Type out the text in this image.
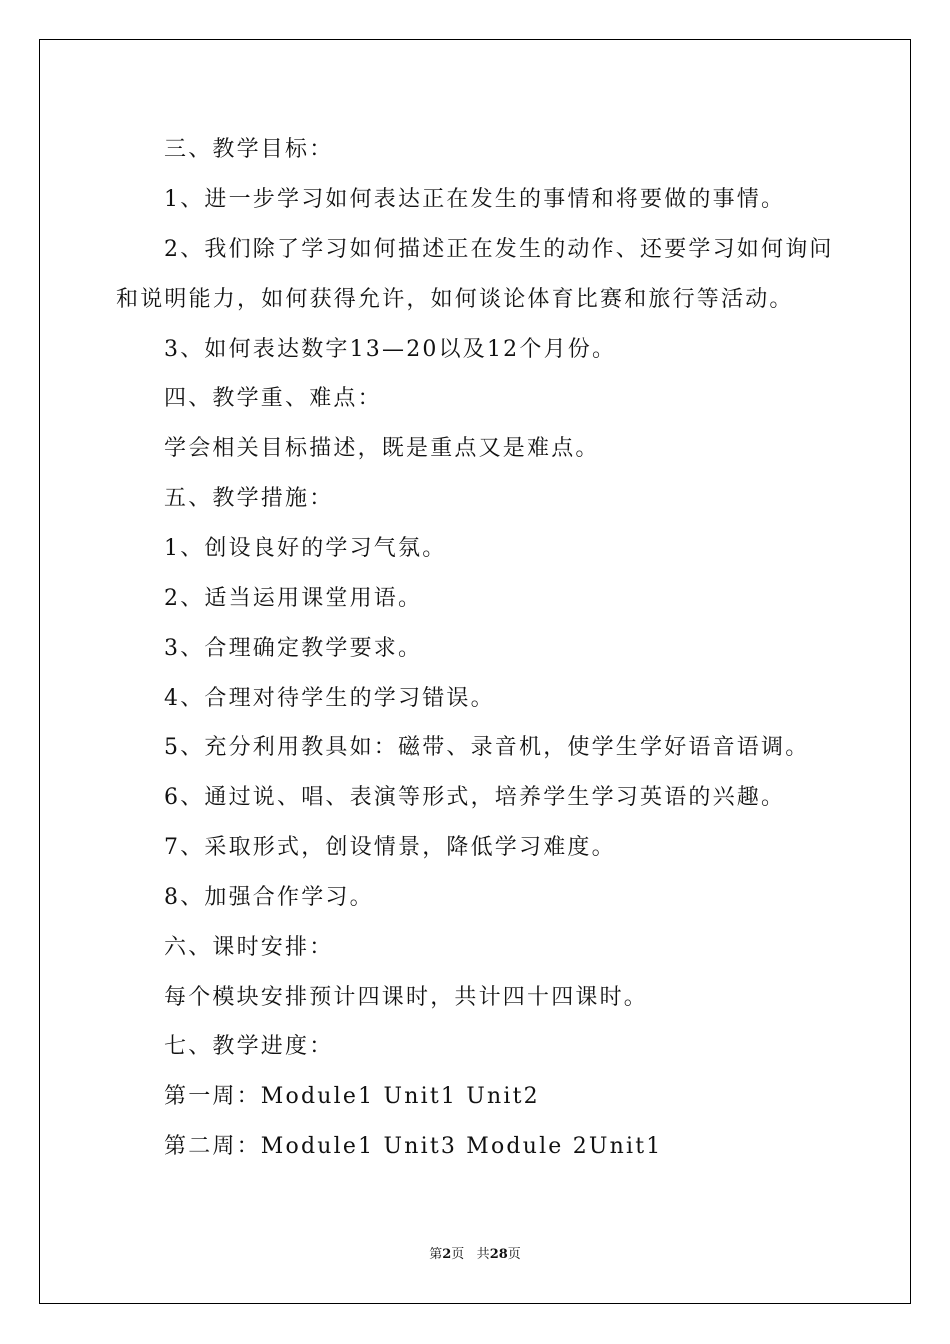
三、教学目标：
1、进一步学习如何表达正在发生的事情和将要做的事情。
2、我们除了学习如何描述正在发生的动作、还要学习如何询问
和说明能力，如何获得允许，如何谈论体育比赛和旅行等活动。
3、如何表达数字13—20以及12个月份。
四、教学重、难点：
学会相关目标描述，既是重点又是难点。
五、教学措施：
1、创设良好的学习气氛。
2、适当运用课堂用语。
3、合理确定教学要求。
4、合理对待学生的学习错误。
5、充分利用教具如：磁带、录音机，使学生学好语音语调。
6、通过说、唱、表演等形式，培养学生学习英语的兴趣。
7、采取形式，创设情景，降低学习难度。
8、加强合作学习。
六、课时安排：
每个模块安排预计四课时，共计四十四课时。
七、教学进度：
第一周：Module1 Unit1 Unit2
第二周：Module1 Unit3 Module 2Unit1
第2页 共28页
